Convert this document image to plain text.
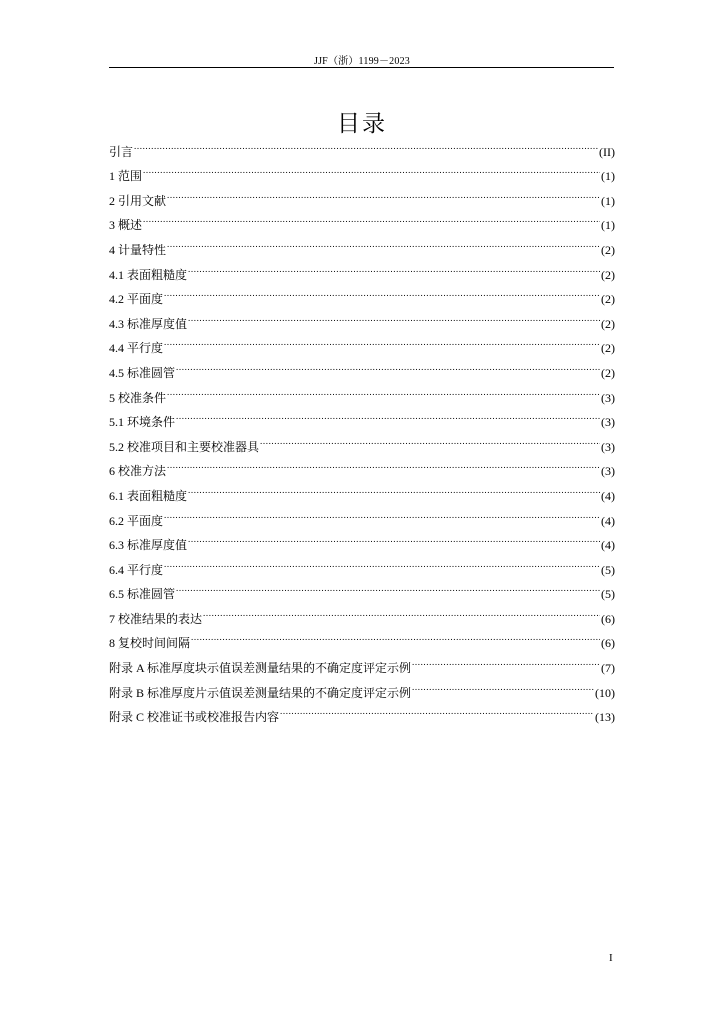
JJF（浙）1199－2023
目录
引言 .....	(II)
1 范围 .....	(1)
2 引用文献 .....	(1)
3 概述 .....	(1)
4 计量特性 .....	(2)
4.1 表面粗糙度 .....	(2)
4.2 平面度 .....	(2)
4.3 标准厚度值 .....	(2)
4.4 平行度 .....	(2)
4.5 标准圆管 .....	(2)
5 校准条件 .....	(3)
5.1 环境条件 .....	(3)
5.2 校准项目和主要校准器具 .....	(3)
6 校准方法 .....	(3)
6.1 表面粗糙度 .....	(4)
6.2 平面度 .....	(4)
6.3 标准厚度值 .....	(4)
6.4 平行度 .....	(5)
6.5 标准圆管 .....	(5)
7 校准结果的表达 .....	(6)
8 复校时间间隔 .....	(6)
附录 A 标准厚度块示值误差测量结果的不确定度评定示例 .....	(7)
附录 B 标准厚度片示值误差测量结果的不确定度评定示例 .....	(10)
附录 C 校准证书或校准报告内容 .....	(13)
I
